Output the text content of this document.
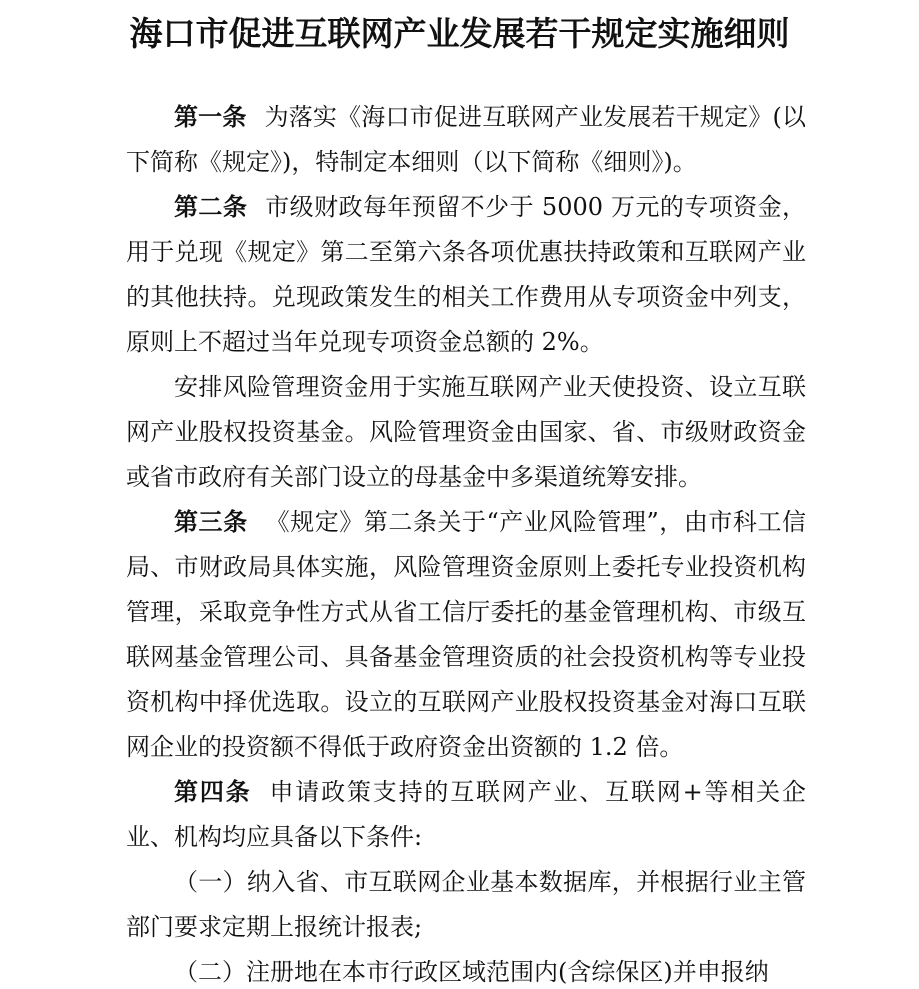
海口市促进互联网产业发展若干规定实施细则

第一条 为落实《海口市促进互联网产业发展若干规定》(以下简称《规定》)，特制定本细则（以下简称《细则》)。

第二条 市级财政每年预留不少于 5000 万元的专项资金，用于兑现《规定》第二至第六条各项优惠扶持政策和互联网产业的其他扶持。兑现政策发生的相关工作费用从专项资金中列支，原则上不超过当年兑现专项资金总额的 2%。

安排风险管理资金用于实施互联网产业天使投资、设立互联网产业股权投资基金。风险管理资金由国家、省、市级财政资金或省市政府有关部门设立的母基金中多渠道统筹安排。

第三条 《规定》第二条关于“产业风险管理”，由市科工信局、市财政局具体实施，风险管理资金原则上委托专业投资机构管理，采取竞争性方式从省工信厅委托的基金管理机构、市级互联网基金管理公司、具备基金管理资质的社会投资机构等专业投资机构中择优选取。设立的互联网产业股权投资基金对海口互联网企业的投资额不得低于政府资金出资额的 1.2 倍。

第四条 申请政策支持的互联网产业、互联网+等相关企业、机构均应具备以下条件:

（一）纳入省、市互联网企业基本数据库，并根据行业主管部门要求定期上报统计报表;

（二）注册地在本市行政区域范围内(含综保区)并申报纳
